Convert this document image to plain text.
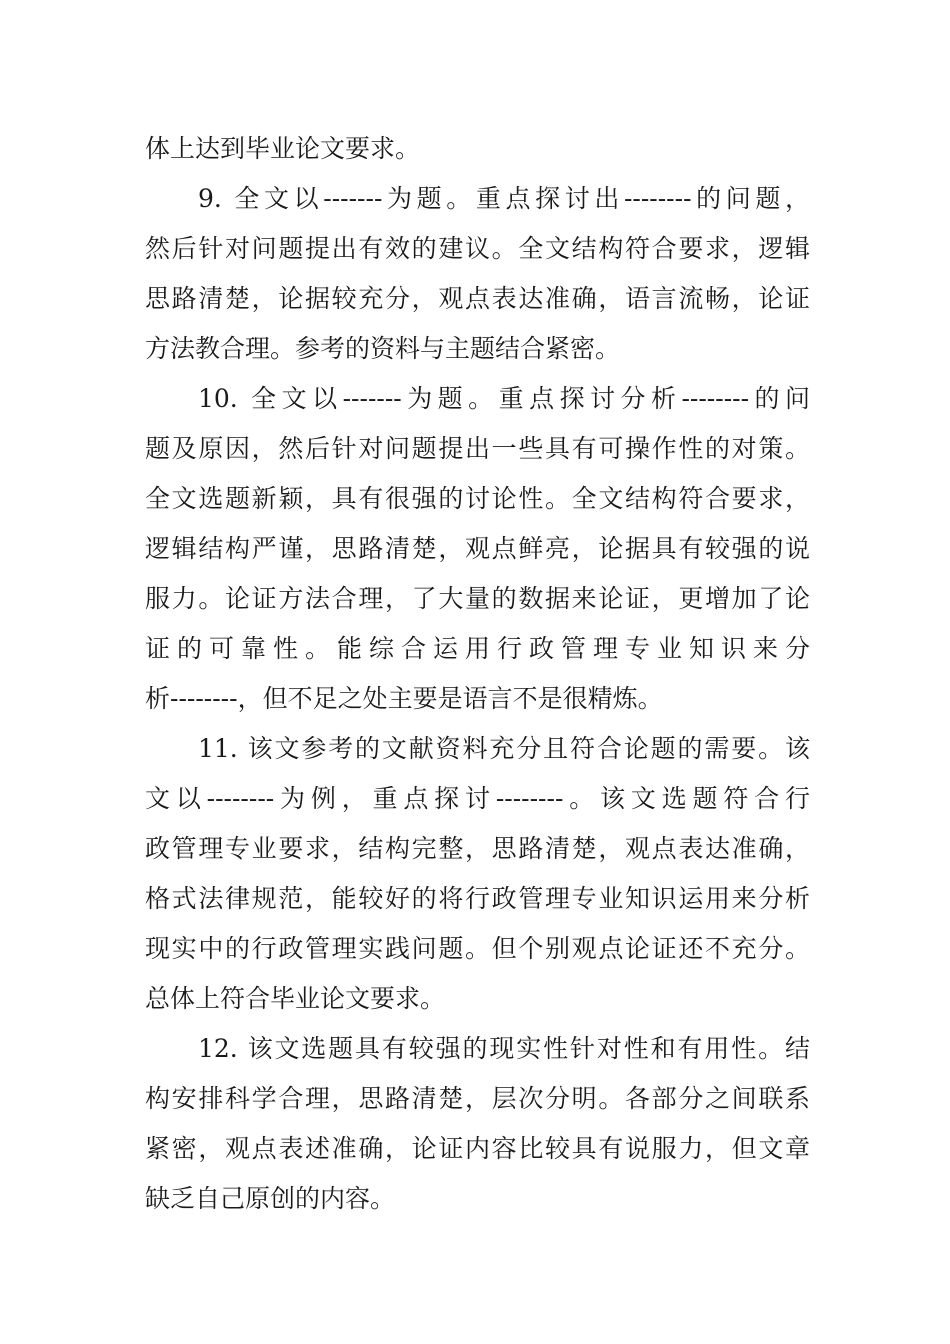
体上达到毕业论文要求。
9. 全文以-------为题。重点探讨出--------的问题，
然后针对问题提出有效的建议。全文结构符合要求，逻辑
思路清楚，论据较充分，观点表达准确，语言流畅，论证
方法教合理。参考的资料与主题结合紧密。
10. 全文以-------为题。重点探讨分析--------的问
题及原因，然后针对问题提出一些具有可操作性的对策。
全文选题新颖，具有很强的讨论性。全文结构符合要求，
逻辑结构严谨，思路清楚，观点鲜亮，论据具有较强的说
服力。论证方法合理，了大量的数据来论证，更增加了论
证的可靠性。能综合运用行政管理专业知识来分
析--------，但不足之处主要是语言不是很精炼。
11. 该文参考的文献资料充分且符合论题的需要。该
文以--------为例，重点探讨--------。该文选题符合行
政管理专业要求，结构完整，思路清楚，观点表达准确，
格式法律规范，能较好的将行政管理专业知识运用来分析
现实中的行政管理实践问题。但个别观点论证还不充分。
总体上符合毕业论文要求。
12. 该文选题具有较强的现实性针对性和有用性。结
构安排科学合理，思路清楚，层次分明。各部分之间联系
紧密，观点表述准确，论证内容比较具有说服力，但文章
缺乏自己原创的内容。
